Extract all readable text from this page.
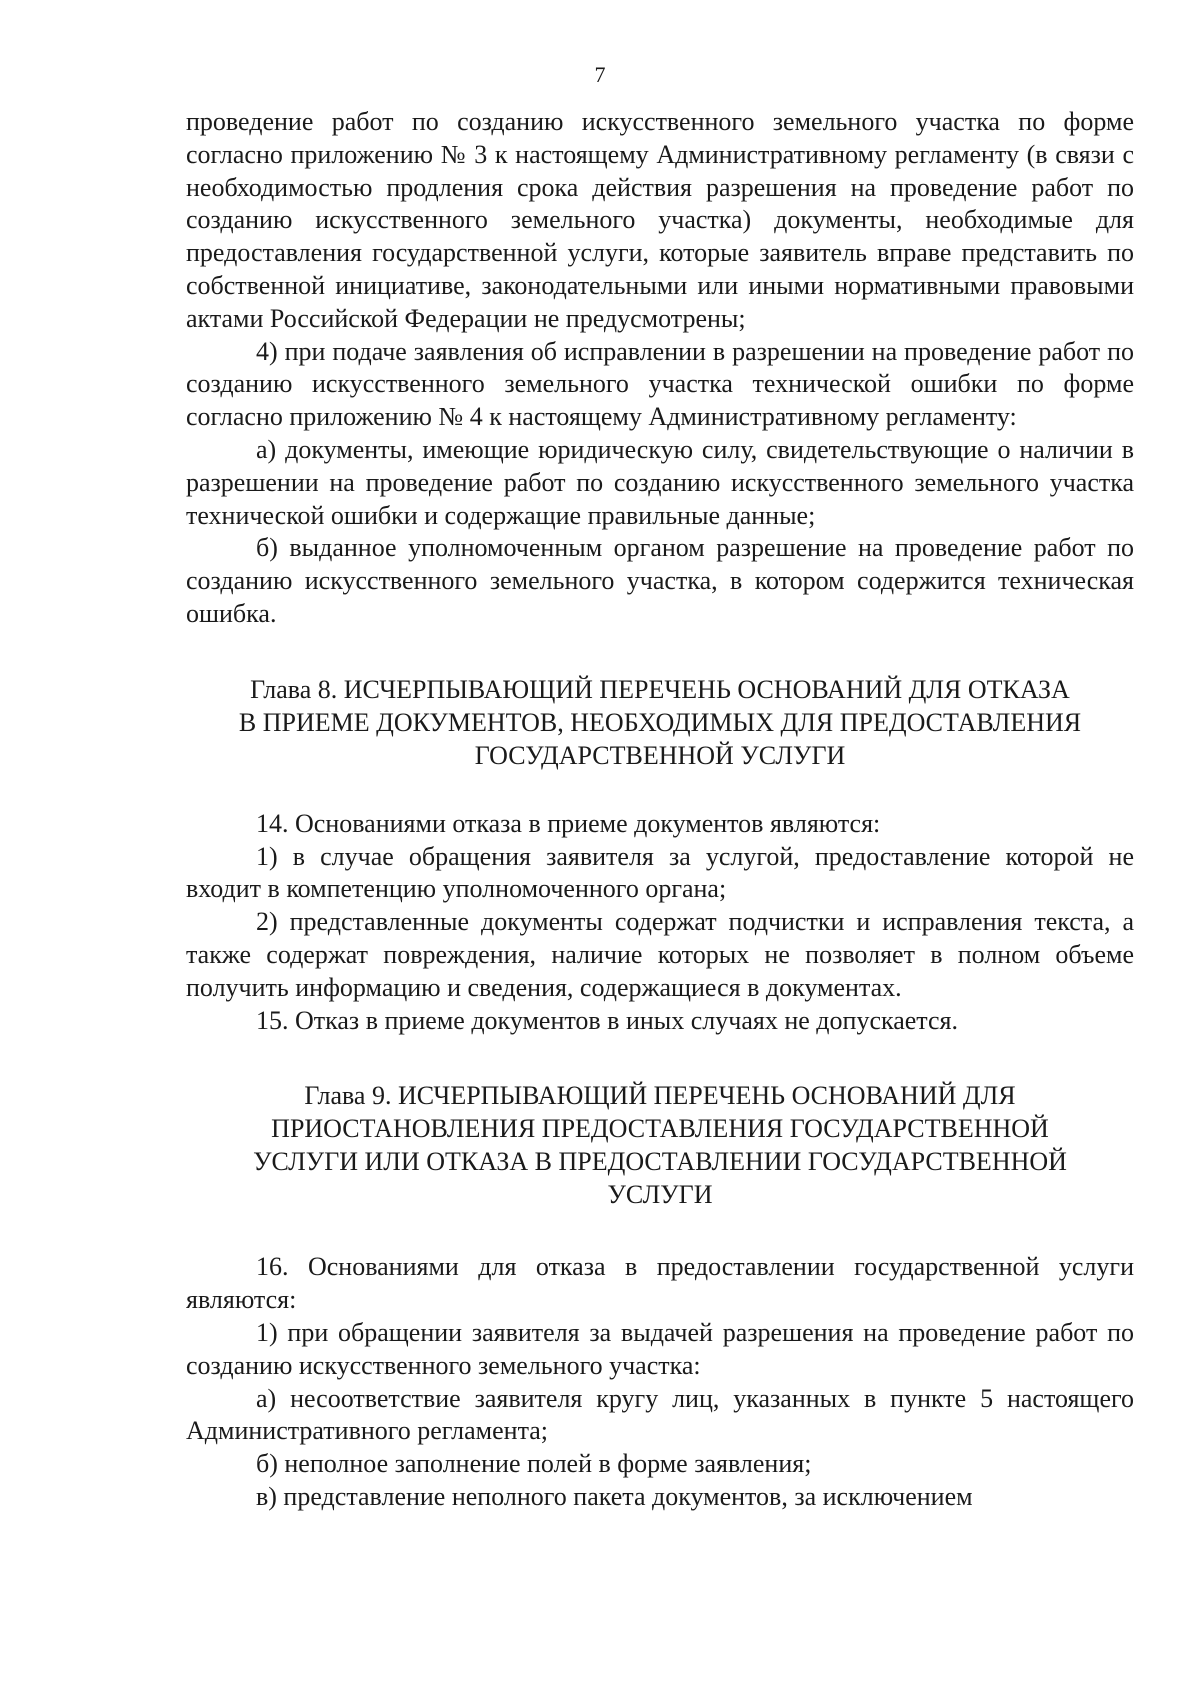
7

проведение работ по созданию искусственного земельного участка по форме согласно приложению № 3 к настоящему Административному регламенту (в связи с необходимостью продления срока действия разрешения на проведение работ по созданию искусственного земельного участка) документы, необходимые для предоставления государственной услуги, которые заявитель вправе представить по собственной инициативе, законодательными или иными нормативными правовыми актами Российской Федерации не предусмотрены;

4) при подаче заявления об исправлении в разрешении на проведение работ по созданию искусственного земельного участка технической ошибки по форме согласно приложению № 4 к настоящему Административному регламенту:

а) документы, имеющие юридическую силу, свидетельствующие о наличии в разрешении на проведение работ по созданию искусственного земельного участка технической ошибки и содержащие правильные данные;

б) выданное уполномоченным органом разрешение на проведение работ по созданию искусственного земельного участка, в котором содержится техническая ошибка.

Глава 8. ИСЧЕРПЫВАЮЩИЙ ПЕРЕЧЕНЬ ОСНОВАНИЙ ДЛЯ ОТКАЗА
В ПРИЕМЕ ДОКУМЕНТОВ, НЕОБХОДИМЫХ ДЛЯ ПРЕДОСТАВЛЕНИЯ
ГОСУДАРСТВЕННОЙ УСЛУГИ

14. Основаниями отказа в приеме документов являются:

1) в случае обращения заявителя за услугой, предоставление которой не входит в компетенцию уполномоченного органа;

2) представленные документы содержат подчистки и исправления текста, а также содержат повреждения, наличие которых не позволяет в полном объеме получить информацию и сведения, содержащиеся в документах.

15. Отказ в приеме документов в иных случаях не допускается.

Глава 9. ИСЧЕРПЫВАЮЩИЙ ПЕРЕЧЕНЬ ОСНОВАНИЙ ДЛЯ
ПРИОСТАНОВЛЕНИЯ ПРЕДОСТАВЛЕНИЯ ГОСУДАРСТВЕННОЙ
УСЛУГИ ИЛИ ОТКАЗА В ПРЕДОСТАВЛЕНИИ ГОСУДАРСТВЕННОЙ
УСЛУГИ

16. Основаниями для отказа в предоставлении государственной услуги являются:

1) при обращении заявителя за выдачей разрешения на проведение работ по созданию искусственного земельного участка:

а) несоответствие заявителя кругу лиц, указанных в пункте 5 настоящего Административного регламента;

б) неполное заполнение полей в форме заявления;

в) представление неполного пакета документов, за исключением
